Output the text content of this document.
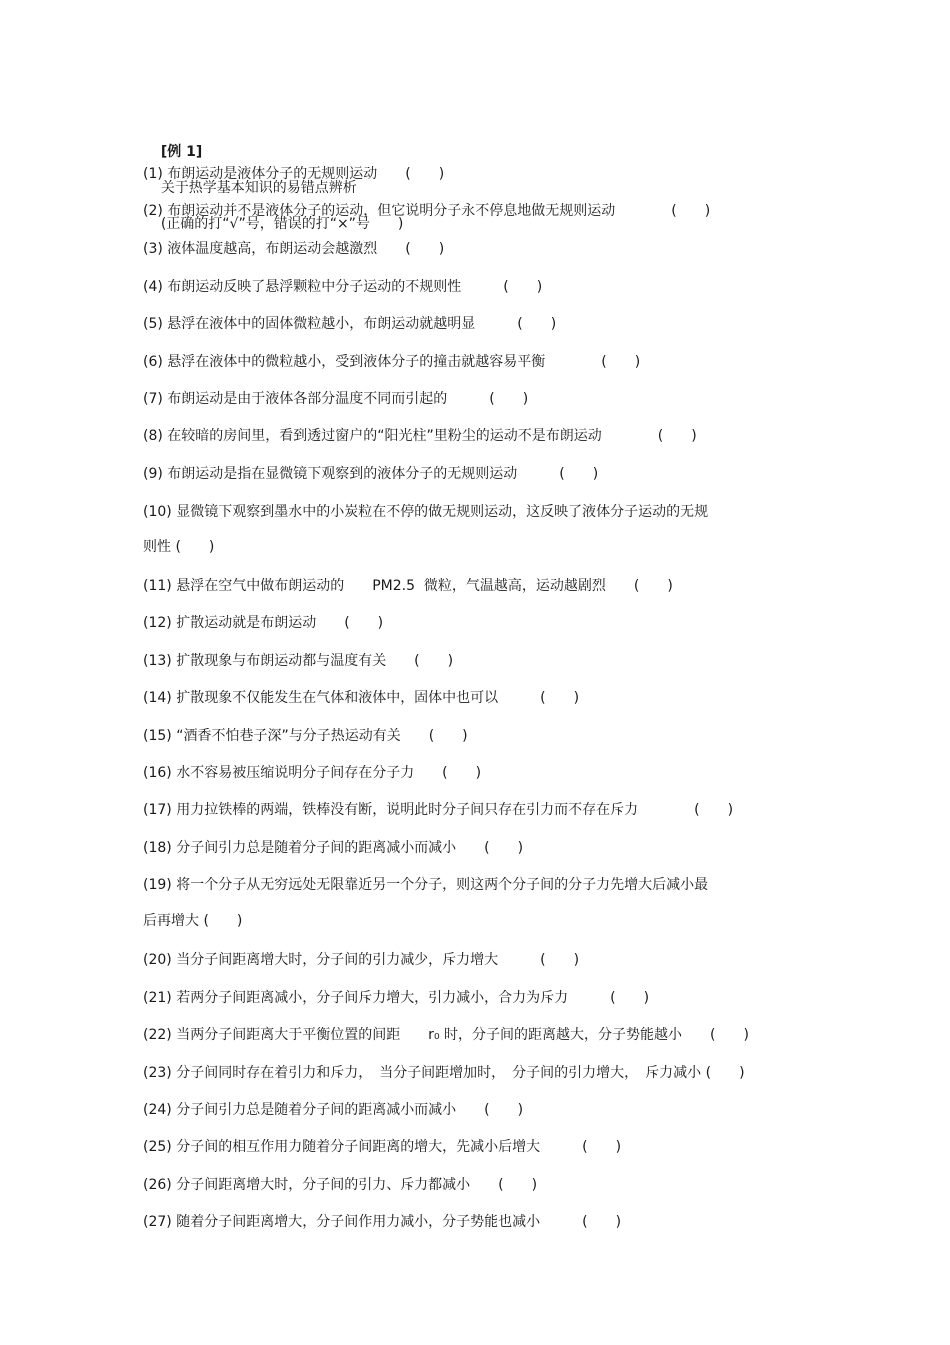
[例 1]

关于热学基本知识的易错点辨析

(正确的打“√”号，错误的打“×”号　　)

(1) 布朗运动是液体分子的无规则运动　　(　　)
(2) 布朗运动并不是液体分子的运动，但它说明分子永不停息地做无规则运动　　　　(　　)
(3) 液体温度越高，布朗运动会越激烈　　(　　)
(4) 布朗运动反映了悬浮颗粒中分子运动的不规则性　　　(　　)
(5) 悬浮在液体中的固体微粒越小，布朗运动就越明显　　　(　　)
(6) 悬浮在液体中的微粒越小，受到液体分子的撞击就越容易平衡　　　　(　　)
(7) 布朗运动是由于液体各部分温度不同而引起的　　　(　　)
(8) 在较暗的房间里，看到透过窗户的“阳光柱”里粉尘的运动不是布朗运动　　　　(　　)
(9) 布朗运动是指在显微镜下观察到的液体分子的无规则运动　　　(　　)
(10) 显微镜下观察到墨水中的小炭粒在不停的做无规则运动，这反映了液体分子运动的无规
则性 (　　)
(11) 悬浮在空气中做布朗运动的　　PM2.5  微粒，气温越高，运动越剧烈　　(　　)
(12) 扩散运动就是布朗运动　　(　　)
(13) 扩散现象与布朗运动都与温度有关　　(　　)
(14) 扩散现象不仅能发生在气体和液体中，固体中也可以　　　(　　)
(15) “酒香不怕巷子深”与分子热运动有关　　(　　)
(16) 水不容易被压缩说明分子间存在分子力　　(　　)
(17) 用力拉铁棒的两端，铁棒没有断，说明此时分子间只存在引力而不存在斥力　　　　(　　)
(18) 分子间引力总是随着分子间的距离减小而减小　　(　　)
(19) 将一个分子从无穷远处无限靠近另一个分子，则这两个分子间的分子力先增大后减小最
后再增大 (　　)
(20) 当分子间距离增大时，分子间的引力减少，斥力增大　　　(　　)
(21) 若两分子间距离减小，分子间斥力增大，引力减小，合力为斥力　　　(　　)
(22) 当两分子间距离大于平衡位置的间距　　r₀ 时，分子间的距离越大，分子势能越小　　(　　)
(23) 分子间同时存在着引力和斥力，　当分子间距增加时，　分子间的引力增大，　斥力减小 (　　)
(24) 分子间引力总是随着分子间的距离减小而减小　　(　　)
(25) 分子间的相互作用力随着分子间距离的增大，先减小后增大　　　(　　)
(26) 分子间距离增大时，分子间的引力、斥力都减小　　(　　)
(27) 随着分子间距离增大，分子间作用力减小，分子势能也减小　　　(　　)
